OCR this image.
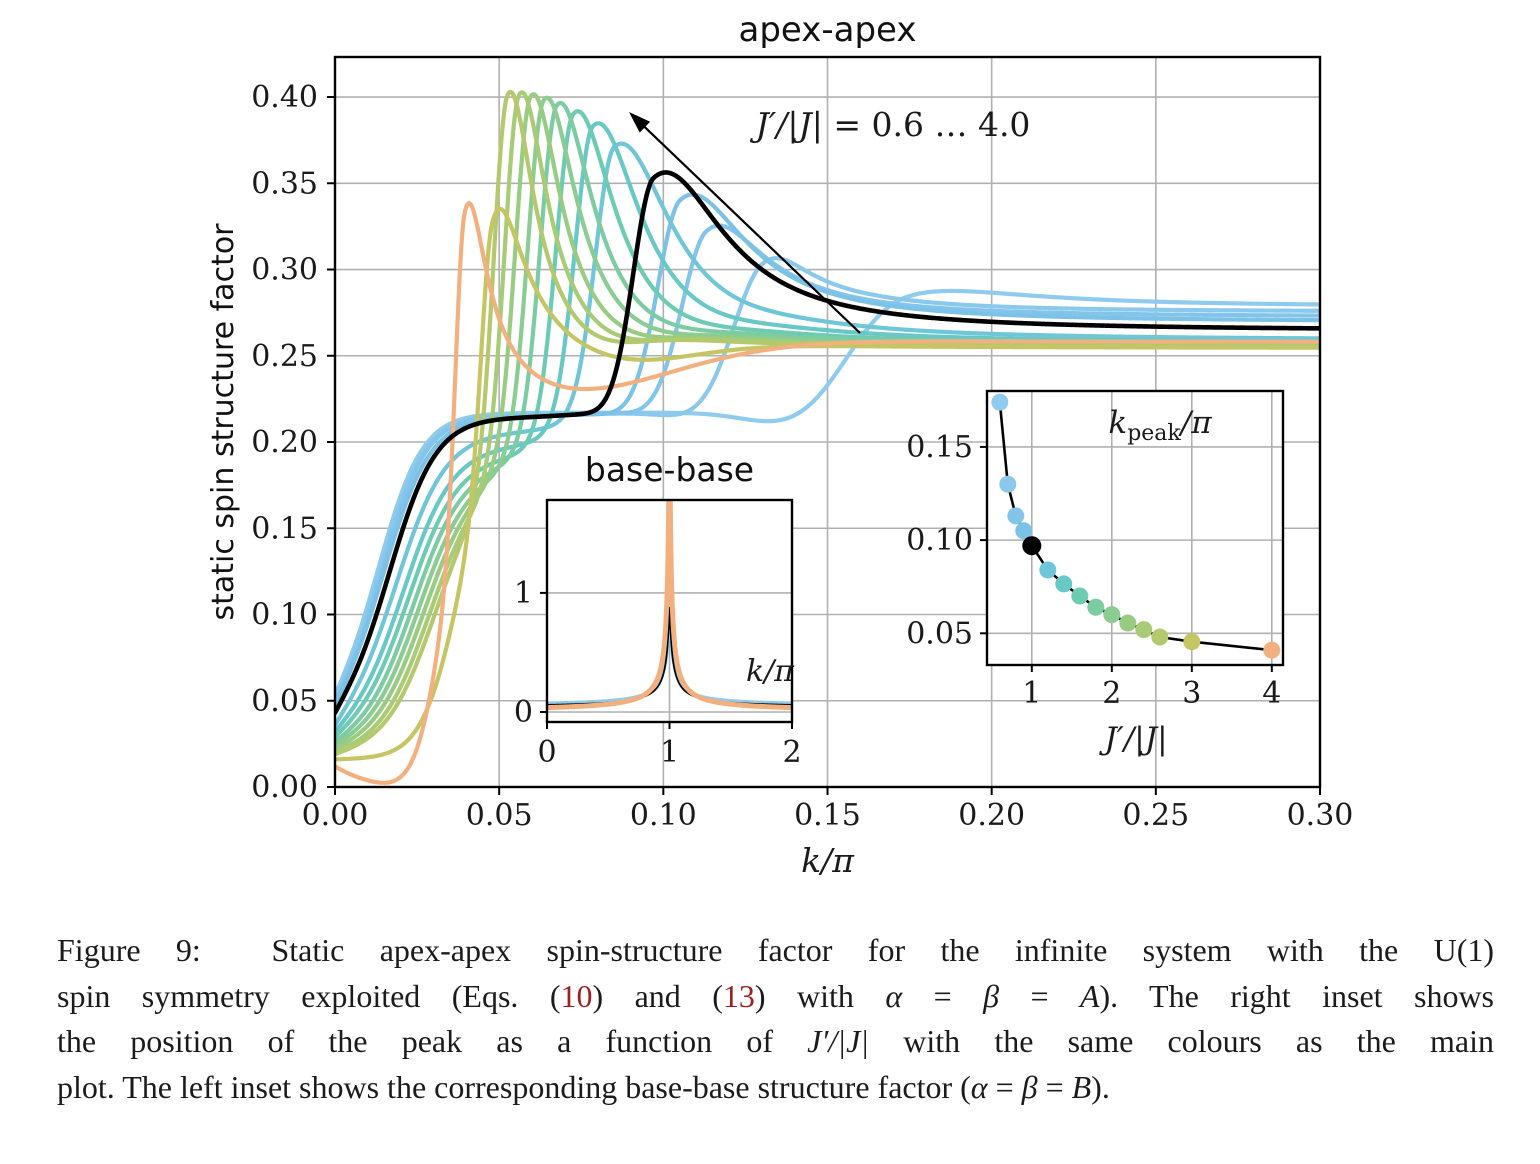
0.00	0.05	0.10	0.15	0.20	0.25	0.30
0.00
0.05
0.10
0.15
0.20
0.25
0.30
0.35
0.40
apex-apex
k/π
static spin structure factor
J′/|J| = 0.6 … 4.0
0	1	2
0
1
base-base
k/π
1 2 3 4
0.05
0.10
0.15
$k_{peak}/\pi$
J′/|J|
Figure 9:  Static apex-apex spin-structure factor for the infinite system with the U(1)
spin symmetry exploited (Eqs. (10) and (13) with α = β = A). The right inset shows
the position of the peak as a function of J′/|J| with the same colours as the main
plot. The left inset shows the corresponding base-base structure factor (α = β = B).
